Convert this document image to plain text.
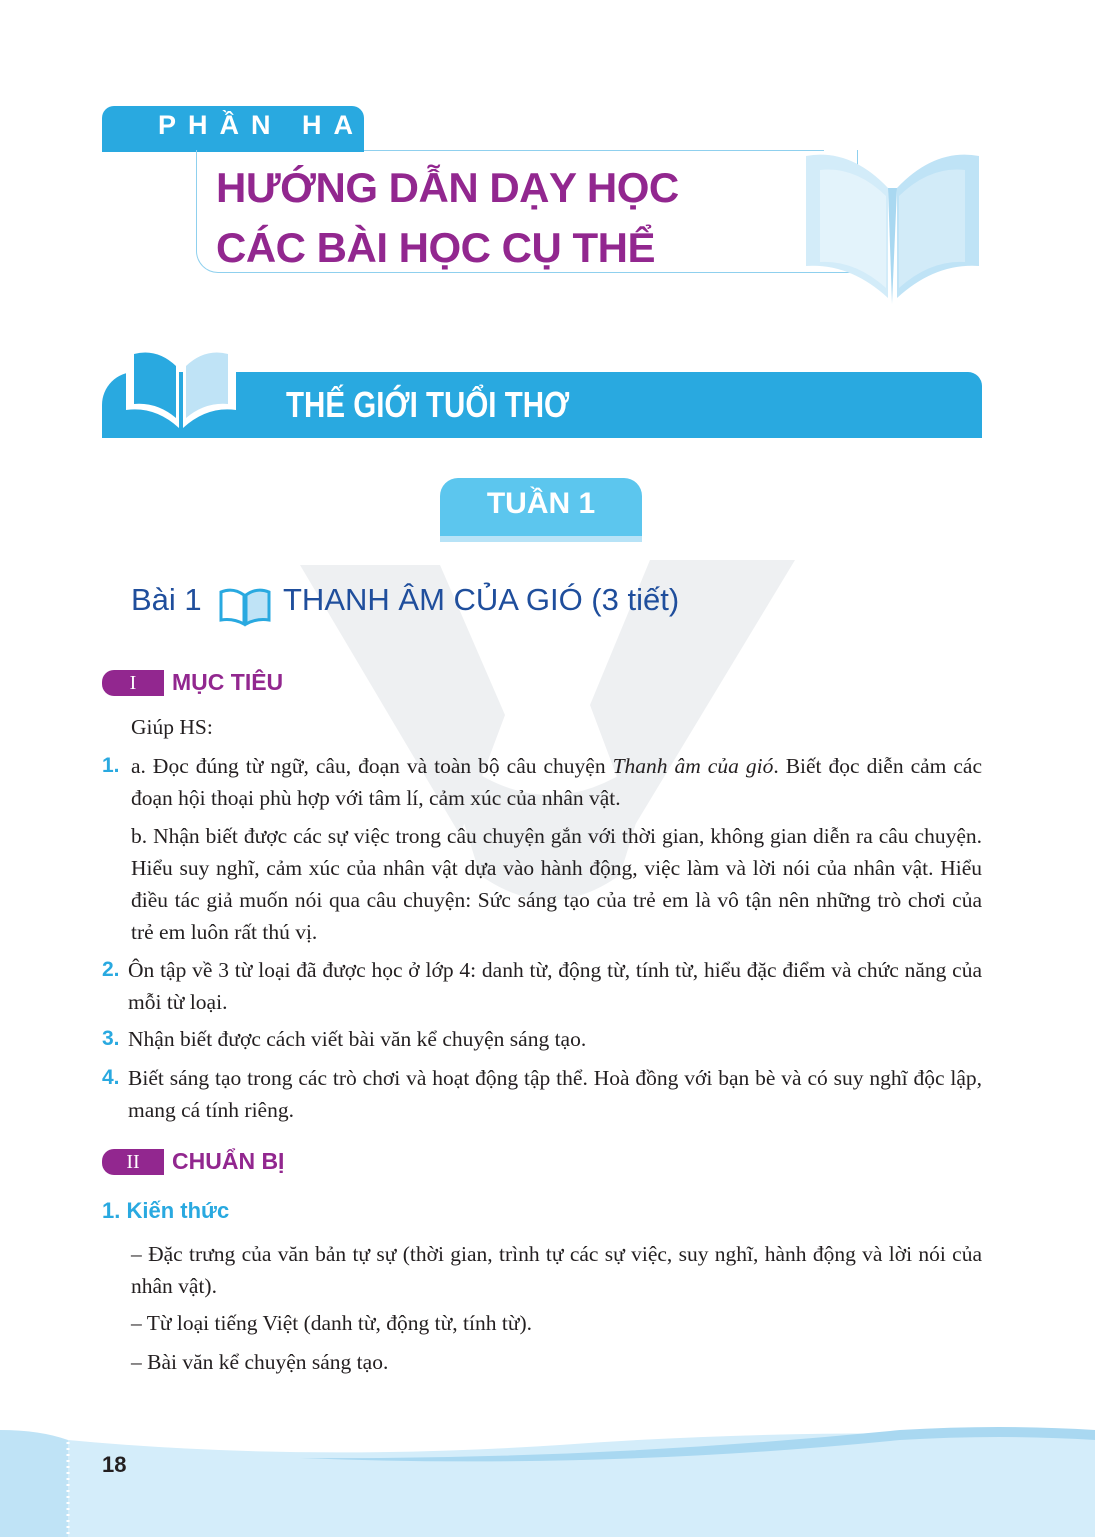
PHẦN HAI
HƯỚNG DẪN DẠY HỌC
CÁC BÀI HỌC CỤ THỂ
THẾ GIỚI TUỔI THƠ
TUẦN 1
Bài 1	THANH ÂM CỦA GIÓ (3 tiết)
I	MỤC TIÊU
Giúp HS:
1. a. Đọc đúng từ ngữ, câu, đoạn và toàn bộ câu chuyện Thanh âm của gió. Biết đọc diễn cảm các đoạn hội thoại phù hợp với tâm lí, cảm xúc của nhân vật.
b. Nhận biết được các sự việc trong câu chuyện gắn với thời gian, không gian diễn ra câu chuyện. Hiểu suy nghĩ, cảm xúc của nhân vật dựa vào hành động, việc làm và lời nói của nhân vật. Hiểu điều tác giả muốn nói qua câu chuyện: Sức sáng tạo của trẻ em là vô tận nên những trò chơi của trẻ em luôn rất thú vị.
2. Ôn tập về 3 từ loại đã được học ở lớp 4: danh từ, động từ, tính từ, hiểu đặc điểm và chức năng của mỗi từ loại.
3. Nhận biết được cách viết bài văn kể chuyện sáng tạo.
4. Biết sáng tạo trong các trò chơi và hoạt động tập thể. Hoà đồng với bạn bè và có suy nghĩ độc lập, mang cá tính riêng.
II	CHUẨN BỊ
1. Kiến thức
– Đặc trưng của văn bản tự sự (thời gian, trình tự các sự việc, suy nghĩ, hành động và lời nói của nhân vật).
– Từ loại tiếng Việt (danh từ, động từ, tính từ).
– Bài văn kể chuyện sáng tạo.
18
